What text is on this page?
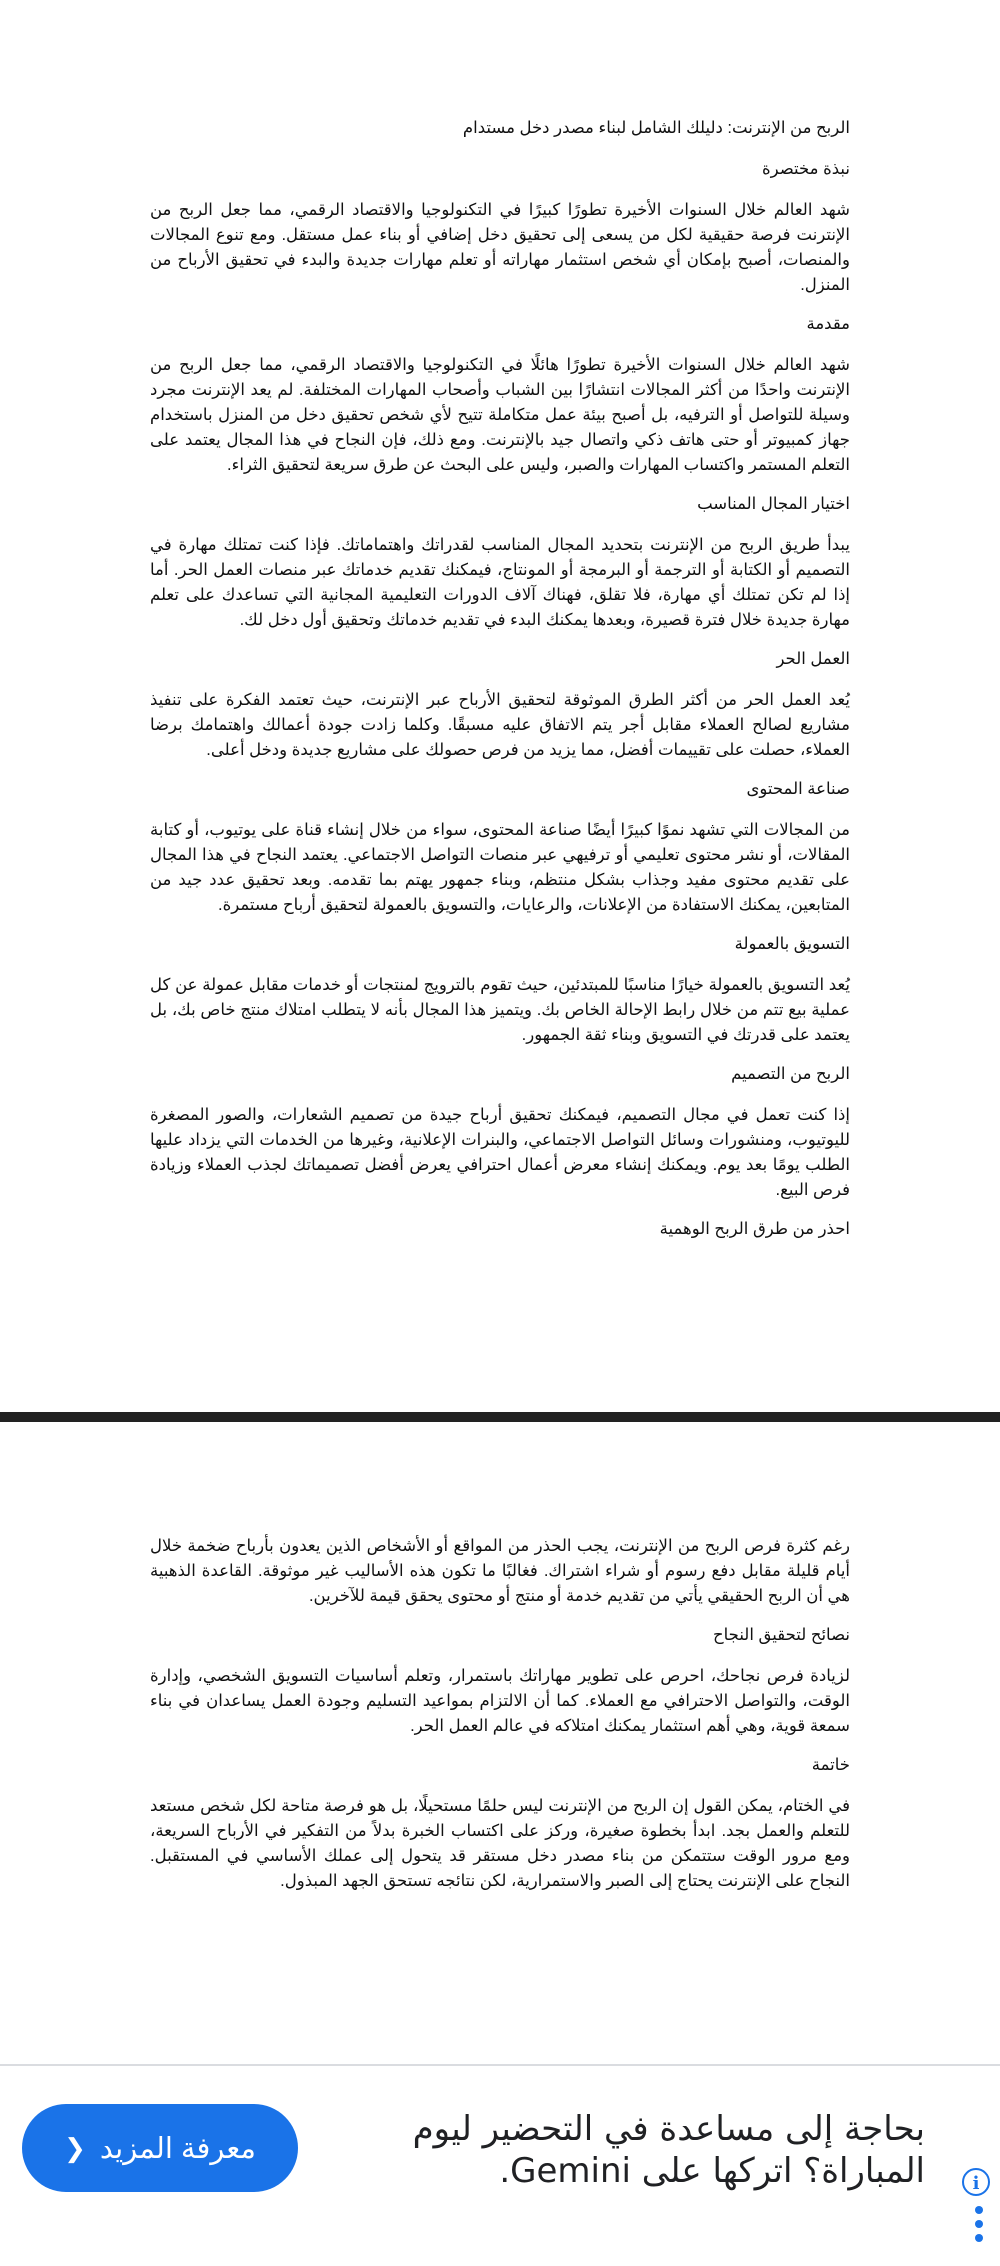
الربح من الإنترنت: دليلك الشامل لبناء مصدر دخل مستدام
نبذة مختصرة

شهد العالم خلال السنوات الأخيرة تطورًا كبيرًا في التكنولوجيا والاقتصاد الرقمي، مما جعل الربح من الإنترنت فرصة حقيقية لكل من يسعى إلى تحقيق دخل إضافي أو بناء عمل مستقل. ومع تنوع المجالات والمنصات، أصبح بإمكان أي شخص استثمار مهاراته أو تعلم مهارات جديدة والبدء في تحقيق الأرباح من المنزل.

مقدمة

شهد العالم خلال السنوات الأخيرة تطورًا هائلًا في التكنولوجيا والاقتصاد الرقمي، مما جعل الربح من الإنترنت واحدًا من أكثر المجالات انتشارًا بين الشباب وأصحاب المهارات المختلفة. لم يعد الإنترنت مجرد وسيلة للتواصل أو الترفيه، بل أصبح بيئة عمل متكاملة تتيح لأي شخص تحقيق دخل من المنزل باستخدام جهاز كمبيوتر أو حتى هاتف ذكي واتصال جيد بالإنترنت. ومع ذلك، فإن النجاح في هذا المجال يعتمد على التعلم المستمر واكتساب المهارات والصبر، وليس على البحث عن طرق سريعة لتحقيق الثراء.

اختيار المجال المناسب

يبدأ طريق الربح من الإنترنت بتحديد المجال المناسب لقدراتك واهتماماتك. فإذا كنت تمتلك مهارة في التصميم أو الكتابة أو الترجمة أو البرمجة أو المونتاج، فيمكنك تقديم خدماتك عبر منصات العمل الحر. أما إذا لم تكن تمتلك أي مهارة، فلا تقلق، فهناك آلاف الدورات التعليمية المجانية التي تساعدك على تعلم مهارة جديدة خلال فترة قصيرة، وبعدها يمكنك البدء في تقديم خدماتك وتحقيق أول دخل لك.

العمل الحر

يُعد العمل الحر من أكثر الطرق الموثوقة لتحقيق الأرباح عبر الإنترنت، حيث تعتمد الفكرة على تنفيذ مشاريع لصالح العملاء مقابل أجر يتم الاتفاق عليه مسبقًا. وكلما زادت جودة أعمالك واهتمامك برضا العملاء، حصلت على تقييمات أفضل، مما يزيد من فرص حصولك على مشاريع جديدة ودخل أعلى.

صناعة المحتوى

من المجالات التي تشهد نموًا كبيرًا أيضًا صناعة المحتوى، سواء من خلال إنشاء قناة على يوتيوب، أو كتابة المقالات، أو نشر محتوى تعليمي أو ترفيهي عبر منصات التواصل الاجتماعي. يعتمد النجاح في هذا المجال على تقديم محتوى مفيد وجذاب بشكل منتظم، وبناء جمهور يهتم بما تقدمه. وبعد تحقيق عدد جيد من المتابعين، يمكنك الاستفادة من الإعلانات، والرعايات، والتسويق بالعمولة لتحقيق أرباح مستمرة.

التسويق بالعمولة

يُعد التسويق بالعمولة خيارًا مناسبًا للمبتدئين، حيث تقوم بالترويج لمنتجات أو خدمات مقابل عمولة عن كل عملية بيع تتم من خلال رابط الإحالة الخاص بك. ويتميز هذا المجال بأنه لا يتطلب امتلاك منتج خاص بك، بل يعتمد على قدرتك في التسويق وبناء ثقة الجمهور.

الربح من التصميم

إذا كنت تعمل في مجال التصميم، فيمكنك تحقيق أرباح جيدة من تصميم الشعارات، والصور المصغرة لليوتيوب، ومنشورات وسائل التواصل الاجتماعي، والبنرات الإعلانية، وغيرها من الخدمات التي يزداد عليها الطلب يومًا بعد يوم. ويمكنك إنشاء معرض أعمال احترافي يعرض أفضل تصميماتك لجذب العملاء وزيادة فرص البيع.

احذر من طرق الربح الوهمية

رغم كثرة فرص الربح من الإنترنت، يجب الحذر من المواقع أو الأشخاص الذين يعدون بأرباح ضخمة خلال أيام قليلة مقابل دفع رسوم أو شراء اشتراك. فغالبًا ما تكون هذه الأساليب غير موثوقة. القاعدة الذهبية هي أن الربح الحقيقي يأتي من تقديم خدمة أو منتج أو محتوى يحقق قيمة للآخرين.

نصائح لتحقيق النجاح

لزيادة فرص نجاحك، احرص على تطوير مهاراتك باستمرار، وتعلم أساسيات التسويق الشخصي، وإدارة الوقت، والتواصل الاحترافي مع العملاء. كما أن الالتزام بمواعيد التسليم وجودة العمل يساعدان في بناء سمعة قوية، وهي أهم استثمار يمكنك امتلاكه في عالم العمل الحر.

خاتمة

في الختام، يمكن القول إن الربح من الإنترنت ليس حلمًا مستحيلًا، بل هو فرصة متاحة لكل شخص مستعد للتعلم والعمل بجد. ابدأ بخطوة صغيرة، وركز على اكتساب الخبرة بدلاً من التفكير في الأرباح السريعة، ومع مرور الوقت ستتمكن من بناء مصدر دخل مستقر قد يتحول إلى عملك الأساسي في المستقبل. النجاح على الإنترنت يحتاج إلى الصبر والاستمرارية، لكن نتائجه تستحق الجهد المبذول.

بحاجة إلى مساعدة في التحضير ليوم المباراة؟ اتركها على Gemini.
معرفة المزيد
❮
i
